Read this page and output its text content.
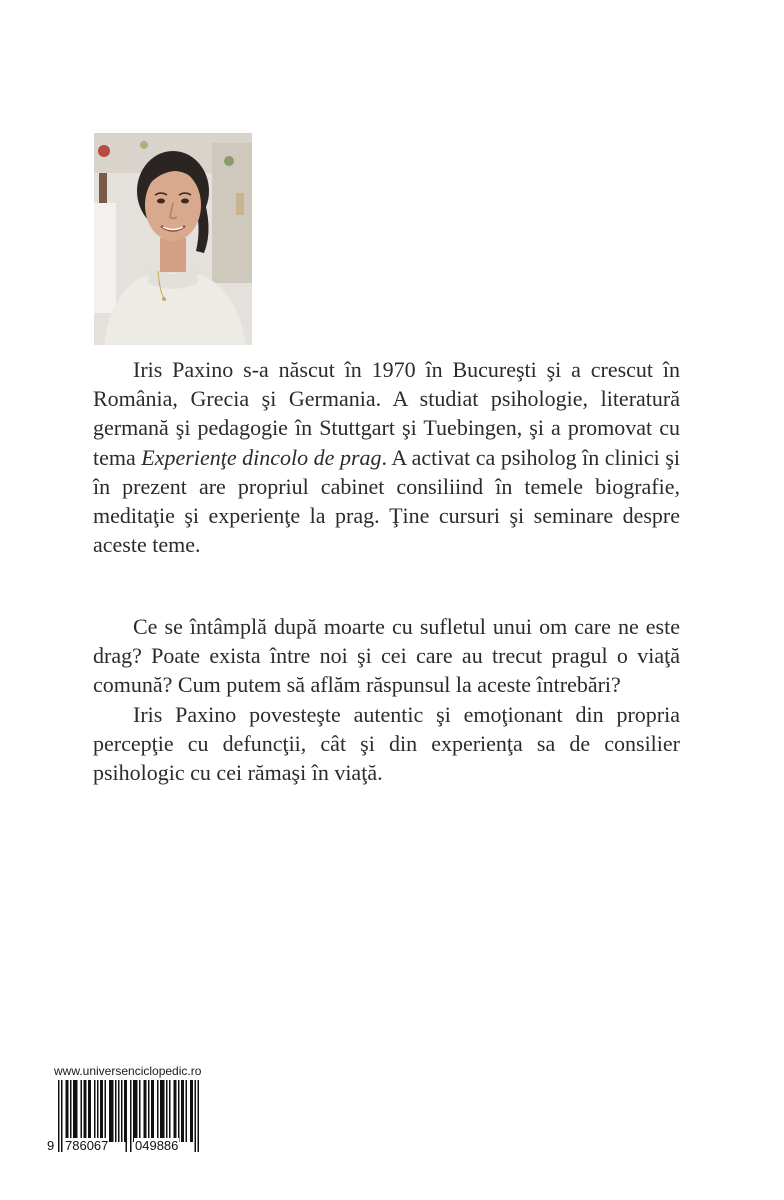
Iris Paxino s-a născut în 1970 în Bucureşti şi a crescut în România, Grecia şi Germania. A studiat psihologie, literatură germană şi pedagogie în Stuttgart şi Tuebingen, şi a promovat cu tema Experienţe dincolo de prag. A activat ca psiholog în clinici şi în prezent are propriul cabinet consiliind în temele biografie, meditaţie şi experienţe la prag. Ţine cursuri şi seminare despre aceste teme.

Ce se întâmplă după moarte cu sufletul unui om care ne este drag? Poate exista între noi şi cei care au trecut pragul o viaţă comună? Cum putem să aflăm răspunsul la aceste întrebări?

Iris Paxino povesteşte autentic şi emoţionant din propria percepţie cu defuncţii, cât şi din experienţa sa de consilier psihologic cu cei rămaşi în viaţă.

www.universenciclopedic.ro

9

786067

049886
